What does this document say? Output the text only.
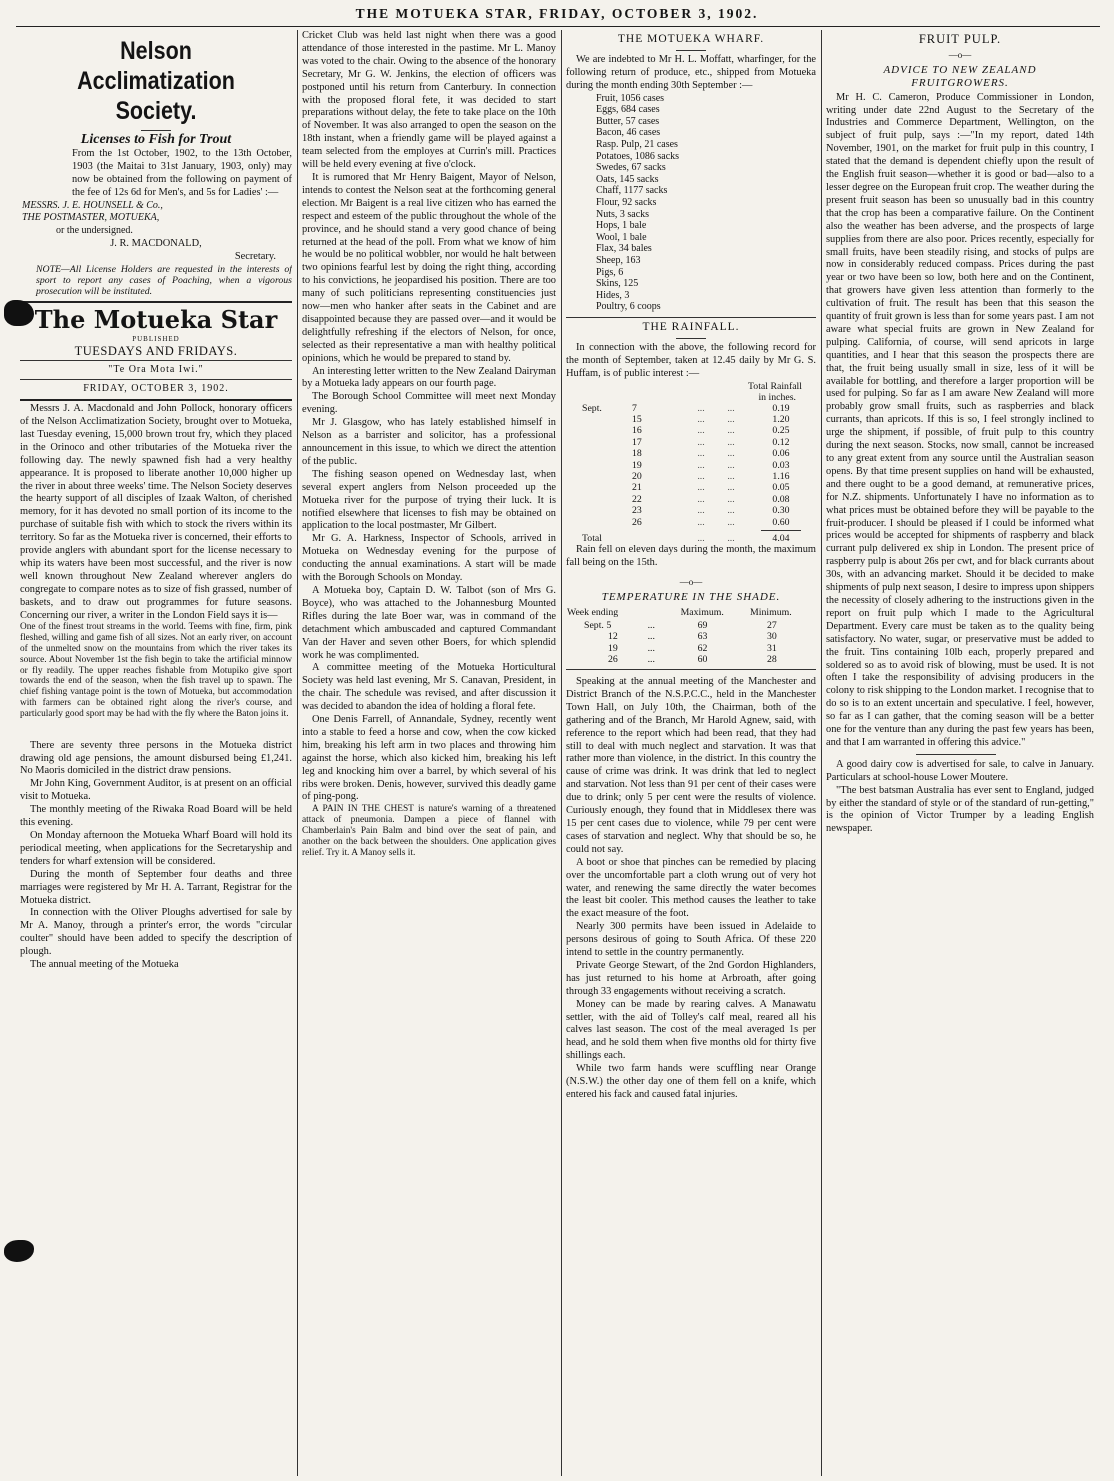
THE MOTUEKA STAR, FRIDAY, OCTOBER 3, 1902.
Nelson Acclimatization Society.
Licenses to Fish for Trout

From the 1st October, 1902, to the 13th October, 1903 (the Maitai to 31st January, 1903, only) may now be obtained from the following on payment of the fee of 12s 6d for Men's, and 5s for Ladies' :—

MESSRS. J. E. HOUNSELL & Co.,

THE POSTMASTER, MOTUEKA,

or the undersigned.

J. R. MACDONALD,

Secretary.

NOTE—All License Holders are requested in the interests of sport to report any cases of Poaching, when a vigorous prosecution will be instituted.

The Motueka Star
PUBLISHED
TUESDAYS AND FRIDAYS.
"Te Ora Mota Iwi."
FRIDAY, OCTOBER 3, 1902.

Messrs J. A. Macdonald and John Pollock, honorary officers of the Nelson Acclimatization Society, brought over to Motueka, last Tuesday evening, 15,000 brown trout fry, which they placed in the Orinoco and other tributaries of the Motueka river the following day. The newly spawned fish had a very healthy appearance. It is proposed to liberate another 10,000 higher up the river in about three weeks' time. The Nelson Society deserves the hearty support of all disciples of Izaak Walton, of cherished memory, for it has devoted no small portion of its income to the purchase of suitable fish with which to stock the rivers within its territory. So far as the Motueka river is concerned, their efforts to provide anglers with abundant sport for the license necessary to whip its waters have been most successful, and the river is now well known throughout New Zealand wherever anglers do congregate to compare notes as to size of fish grassed, number of baskets, and to draw out programmes for future seasons. Concerning our river, a writer in the London Field says it is—

One of the finest trout streams in the world. Teems with fine, firm, pink fleshed, willing and game fish of all sizes. Not an early river, on account of the unmelted snow on the mountains from which the river takes its source. About November 1st the fish begin to take the artificial minnow or fly readily. The upper reaches fishable from Motupiko give sport towards the end of the season, when the fish travel up to spawn. The chief fishing vantage point is the town of Motueka, but accommodation with farmers can be obtained right along the river's course, and particularly good sport may be had with the fly where the Baton joins it.

There are seventy three persons in the Motueka district drawing old age pensions, the amount disbursed being £1,241. No Maoris domiciled in the district draw pensions.

Mr John King, Government Auditor, is at present on an official visit to Motueka.

The monthly meeting of the Riwaka Road Board will be held this evening.

On Monday afternoon the Motueka Wharf Board will hold its periodical meeting, when applications for the Secretaryship and tenders for wharf extension will be considered.

During the month of September four deaths and three marriages were registered by Mr H. A. Tarrant, Registrar for the Motueka district.

In connection with the Oliver Ploughs advertised for sale by Mr A. Manoy, through a printer's error, the words "circular coulter" should have been added to specify the description of plough.

The annual meeting of the Motueka

Cricket Club was held last night when there was a good attendance of those interested in the pastime. Mr L. Manoy was voted to the chair. Owing to the absence of the honorary Secretary, Mr G. W. Jenkins, the election of officers was postponed until his return from Canterbury. In connection with the proposed floral fete, it was decided to start preparations without delay, the fete to take place on the 10th of November. It was also arranged to open the season on the 18th instant, when a friendly game will be played against a team selected from the employes at Currin's mill. Practices will be held every evening at five o'clock.

It is rumored that Mr Henry Baigent, Mayor of Nelson, intends to contest the Nelson seat at the forthcoming general election. Mr Baigent is a real live citizen who has earned the respect and esteem of the public throughout the whole of the province, and he should stand a very good chance of being returned at the head of the poll. From what we know of him he would be no political wobbler, nor would he halt between two opinions fearful lest by doing the right thing, according to his convictions, he jeopardised his position. There are too many of such politicians representing constituencies just now—men who hanker after seats in the Cabinet and are disappointed because they are passed over—and it would be delightfully refreshing if the electors of Nelson, for once, selected as their representative a man with healthy political opinions, which he would be prepared to stand by.

An interesting letter written to the New Zealand Dairyman by a Motueka lady appears on our fourth page.

The Borough School Committee will meet next Monday evening.

Mr J. Glasgow, who has lately established himself in Nelson as a barrister and solicitor, has a professional announcement in this issue, to which we direct the attention of the public.

The fishing season opened on Wednesday last, when several expert anglers from Nelson proceeded up the Motueka river for the purpose of trying their luck. It is notified elsewhere that licenses to fish may be obtained on application to the local postmaster, Mr Gilbert.

Mr G. A. Harkness, Inspector of Schools, arrived in Motueka on Wednesday evening for the purpose of conducting the annual examinations. A start will be made with the Borough Schools on Monday.

A Motueka boy, Captain D. W. Talbot (son of Mrs G. Boyce), who was attached to the Johannesburg Mounted Rifles during the late Boer war, was in command of the detachment which ambuscaded and captured Commandant Van der Haver and seven other Boers, for which splendid work he was complimented.

A committee meeting of the Motueka Horticultural Society was held last evening, Mr S. Canavan, President, in the chair. The schedule was revised, and after discussion it was decided to abandon the idea of holding a floral fete.

One Denis Farrell, of Annandale, Sydney, recently went into a stable to feed a horse and cow, when the cow kicked him, breaking his left arm in two places and throwing him against the horse, which also kicked him, breaking his left leg and knocking him over a barrel, by which several of his ribs were broken. Denis, however, survived this deadly game of ping-pong.

A PAIN IN THE CHEST is nature's warning of a threatened attack of pneumonia. Dampen a piece of flannel with Chamberlain's Pain Balm and bind over the seat of pain, and another on the back between the shoulders. One application gives relief. Try it. A Manoy sells it.

THE MOTUEKA WHARF.

We are indebted to Mr H. L. Moffatt, wharfinger, for the following return of produce, etc., shipped from Motueka during the month ending 30th September :—

Fruit, 1056 cases
Eggs, 684 cases
Butter, 57 cases
Bacon, 46 cases
Rasp. Pulp, 21 cases
Potatoes, 1086 sacks
Swedes, 67 sacks
Oats, 145 sacks
Chaff, 1177 sacks
Flour, 92 sacks
Nuts, 3 sacks
Hops, 1 bale
Wool, 1 bale
Flax, 34 bales
Sheep, 163
Pigs, 6
Skins, 125
Hides, 3
Poultry, 6 coops
THE RAINFALL.

In connection with the above, the following record for the month of September, taken at 12.45 daily by Mr G. S. Huffam, is of public interest :—

Total Rainfall
in inches.
Sept.	7	...	...	0.19
	15	...	...	1.20
	16	...	...	0.25
	17	...	...	0.12
	18	...	...	0.06
	19	...	...	0.03
	20	...	...	1.16
	21	...	...	0.05
	22	...	...	0.08
	23	...	...	0.30
	26	...	...	0.60

Total		...	...	4.04

Rain fell on eleven days during the month, the maximum fall being on the 15th.

—o—
TEMPERATURE IN THE SHADE.
Week ending		Maximum.	Minimum.
Sept. 5	...	69	27
12	...	63	30
19	...	62	31
26	...	60	28

Speaking at the annual meeting of the Manchester and District Branch of the N.S.P.C.C., held in the Manchester Town Hall, on July 10th, the Chairman, both of the gathering and of the Branch, Mr Harold Agnew, said, with reference to the report which had been read, that they had still to deal with much neglect and starvation. It was that rather more than violence, in the district. In this country the cause of crime was drink. It was drink that led to neglect and starvation. Not less than 91 per cent of their cases were due to drink; only 5 per cent were the results of violence. Curiously enough, they found that in Middlesex there was 15 per cent cases due to violence, while 79 per cent were cases of starvation and neglect. Why that should be so, he could not say.

A boot or shoe that pinches can be remedied by placing over the uncomfortable part a cloth wrung out of very hot water, and renewing the same directly the water becomes the least bit cooler. This method causes the leather to take the exact measure of the foot.

Nearly 300 permits have been issued in Adelaide to persons desirous of going to South Africa. Of these 220 intend to settle in the country permanently.

Private George Stewart, of the 2nd Gordon Highlanders, has just returned to his home at Arbroath, after going through 33 engagements without receiving a scratch.

Money can be made by rearing calves. A Manawatu settler, with the aid of Tolley's calf meal, reared all his calves last season. The cost of the meal averaged 1s per head, and he sold them when five months old for thirty five shillings each.

While two farm hands were scuffling near Orange (N.S.W.) the other day one of them fell on a knife, which entered his fack and caused fatal injuries.

FRUIT PULP.
—o—
ADVICE TO NEW ZEALAND FRUITGROWERS.

Mr H. C. Cameron, Produce Commissioner in London, writing under date 22nd August to the Secretary of the Industries and Commerce Department, Wellington, on the subject of fruit pulp, says :—"In my report, dated 14th November, 1901, on the market for fruit pulp in this country, I stated that the demand is dependent chiefly upon the result of the English fruit season—whether it is good or bad—also to a lesser degree on the European fruit crop. The weather during the present fruit season has been so unusually bad in this country that the crop has been a comparative failure. On the Continent also the weather has been adverse, and the prospects of large supplies from there are also poor. Prices recently, especially for small fruits, have been steadily rising, and stocks of pulps are now in considerably reduced compass. Prices during the past year or two have been so low, both here and on the Continent, that growers have given less attention than formerly to the cultivation of fruit. The result has been that this season the quantity of fruit grown is less than for some years past. I am not aware what special fruits are grown in New Zealand for pulping. California, of course, will send apricots in large quantities, and I hear that this season the prospects there are that, the fruit being usually small in size, less of it will be available for bottling, and therefore a larger proportion will be used for pulping. So far as I am aware New Zealand will more probably grow small fruits, such as raspberries and black currants, than apricots. If this is so, I feel strongly inclined to urge the shipment, if possible, of fruit pulp to this country during the next season. Stocks, now small, cannot be increased to any great extent from any source until the Australian season opens. By that time present supplies on hand will be exhausted, and there ought to be a good demand, at remunerative prices, for N.Z. shipments. Unfortunately I have no information as to what prices must be obtained before they will be payable to the fruit-producer. I should be pleased if I could be informed what prices would be accepted for shipments of raspberry and black currant pulp delivered ex ship in London. The present price of raspberry pulp is about 26s per cwt, and for black currants about 30s, with an advancing market. Should it be decided to make shipments of pulp next season, I desire to impress upon shippers the necessity of closely adhering to the instructions given in the report on fruit pulp which I made to the Agricultural Department. Every care must be taken as to the quality being satisfactory. No water, sugar, or preservative must be added to the fruit. Tins containing 10lb each, properly prepared and soldered so as to avoid risk of blowing, must be used. It is not often I take the responsibility of advising producers in the colony to risk shipping to the London market. I recognise that to do so is to an extent uncertain and speculative. I feel, however, so far as I can gather, that the coming season will be a better one for the venture than any during the past few years has been, and that I am warranted in offering this advice."

A good dairy cow is advertised for sale, to calve in January. Particulars at school-house Lower Moutere.

"The best batsman Australia has ever sent to England, judged by either the standard of style or of the standard of run-getting," is the opinion of Victor Trumper by a leading English newspaper.
